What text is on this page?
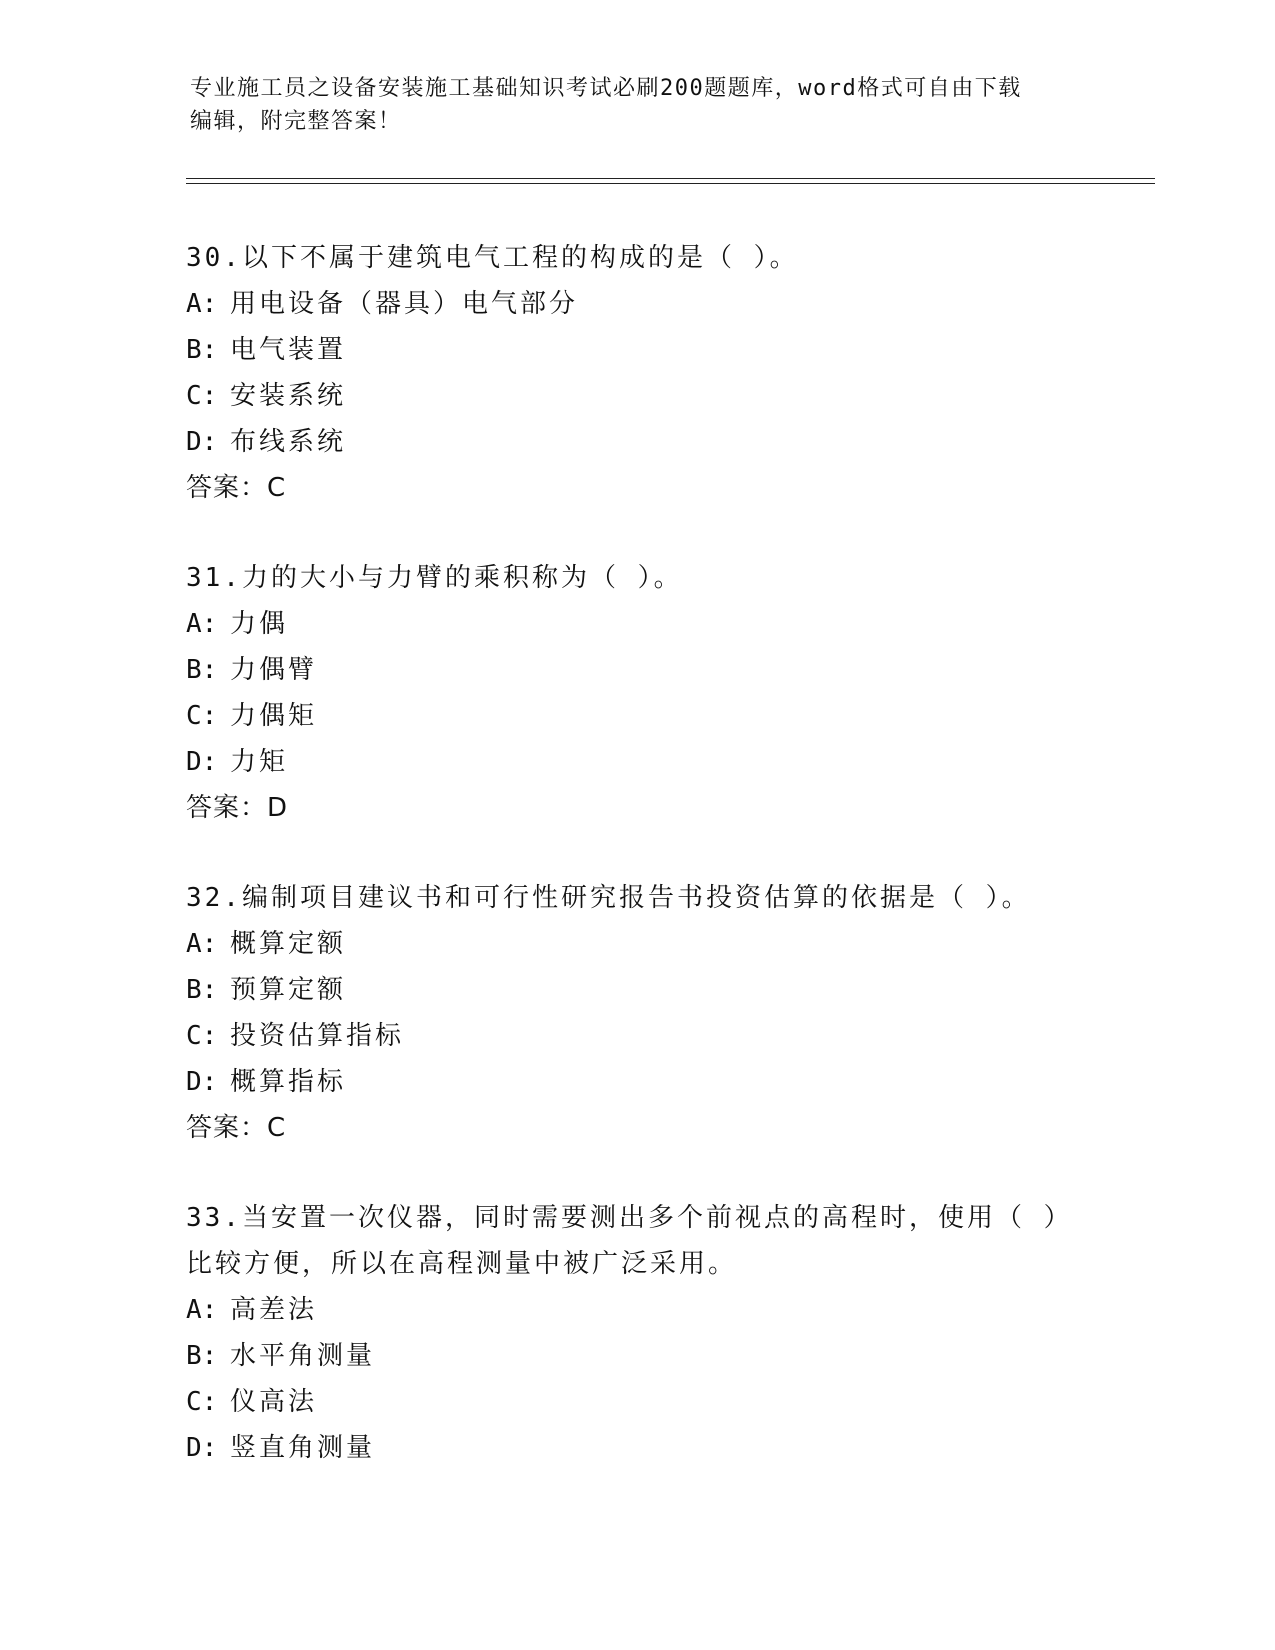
专业施工员之设备安装施工基础知识考试必刷200题题库，word格式可自由下载
编辑，附完整答案！

30.以下不属于建筑电气工程的构成的是（ ）。

A: 用电设备（器具）电气部分

B: 电气装置

C: 安装系统

D: 布线系统

答案：C

31.力的大小与力臂的乘积称为（ ）。

A: 力偶

B: 力偶臂

C: 力偶矩

D: 力矩

答案：D

32.编制项目建议书和可行性研究报告书投资估算的依据是（ ）。

A: 概算定额

B: 预算定额

C: 投资估算指标

D: 概算指标

答案：C

33.当安置一次仪器，同时需要测出多个前视点的高程时，使用（ ）比较方便，所以在高程测量中被广泛采用。

A: 高差法

B: 水平角测量

C: 仪高法

D: 竖直角测量
